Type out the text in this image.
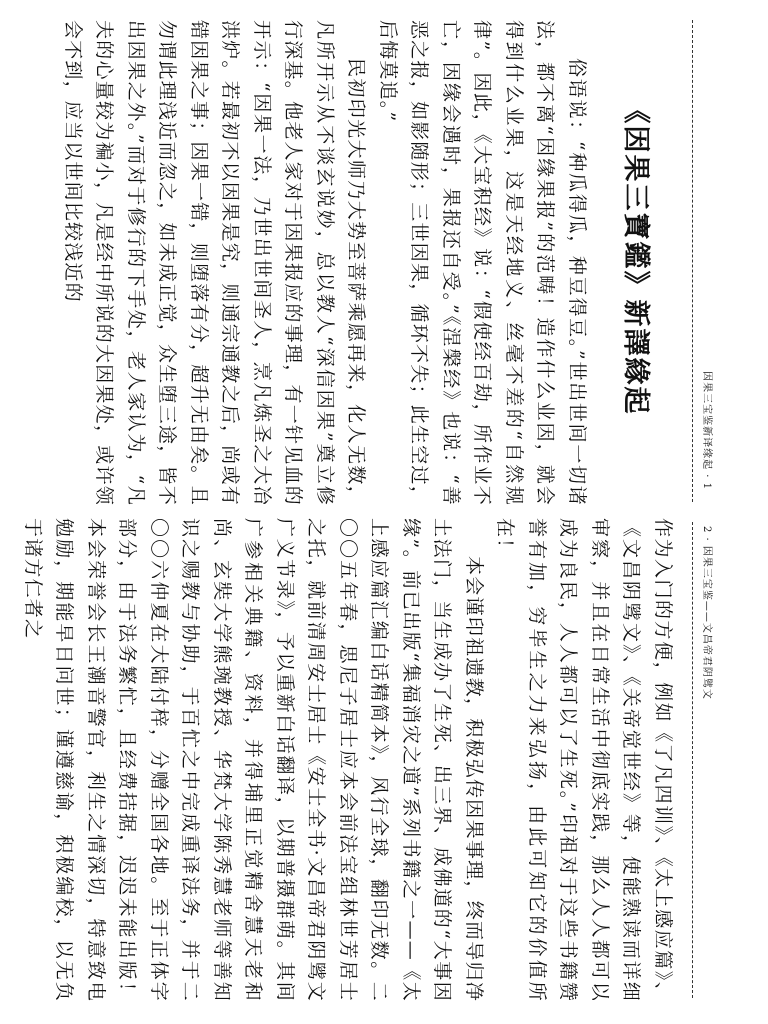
因果三宝鉴新译缘起 · 1
《因果三寶鑑》新譯緣起

俗语说：“种瓜得瓜，种豆得豆。”世出世间一切诸法，都不离“因缘果报”的范畴！造作什么业因，就会得到什么业果，这是天经地义、丝毫不差的“自然规律”。因此，《大宝积经》说：“假使经百劫，所作业不亡，因缘会遇时，果报还自受。”《涅槃经》也说：“善恶之报，如影随形；三世因果，循环不失；此生空过，后悔莫追。”

民初印光大师乃大势至菩萨乘愿再来，化人无数，凡所开示从不谈玄说妙，总以教人“深信因果”奠立修行深基。他老人家对于因果报应的事理，有一针见血的开示：“因果一法，乃世出世间圣人，烹凡炼圣之大冶洪炉。若最初不以因果是究，则通宗通教之后，尚或有错因果之事；因果一错，则堕落有分，超升无由矣。且勿谓此理浅近而忽之，如未成正觉，众生堕三途，皆不出因果之外。”而对于修行的下手处，老人家认为，“凡夫的心量较为褊小，凡是经中所说的大因果处，或许领会不到，应当以世间比较浅近的

2 · 因果三宝鉴——文昌帝君阴骘文

作为入门的方便，例如《了凡四训》、《太上感应篇》、《文昌阴骘文》、《关帝觉世经》等，使能熟读而详细审察，并且在日常生活中彻底实践，那么人人都可以成为良民，人人都可以了生死。”印祖对于这些书籍赞誉有加，穷毕生之力来弘扬，由此可知它的价值所在！

本会谨印祖遗教，积极弘传因果事理，终而导归净土法门，当生成办了生死、出三界、成佛道的“大事因缘”。前已出版“集福消灾之道”系列书籍之一——《太上感应篇汇编白话精简本》，风行全球，翻印无数。二〇〇五年春，思尼子居士应本会前法宝组林世芳居士之托，就前清周安士居士《安士全书·文昌帝君阴骘文广义节录》，予以重新白话翻译，以期普摄群萌。其间广参相关典籍、资料，并得埔里正觉精舍慧天老和尚、玄奘大学熊琬教授、华梵大学陈秀慧老师等善知识之赐教与协助，于百忙之中完成重译法务，并于二〇〇六仲夏在大陆付梓，分赠全国各地。至于正体字部分，由于法务繁忙，且经费拮据，迟迟未能出版！本会荣誉会长王潮音警官，利生之情深切，特意致电勉励，期能早日问世；谨遵慈谕，积极编校，以无负于诸方仁者之
